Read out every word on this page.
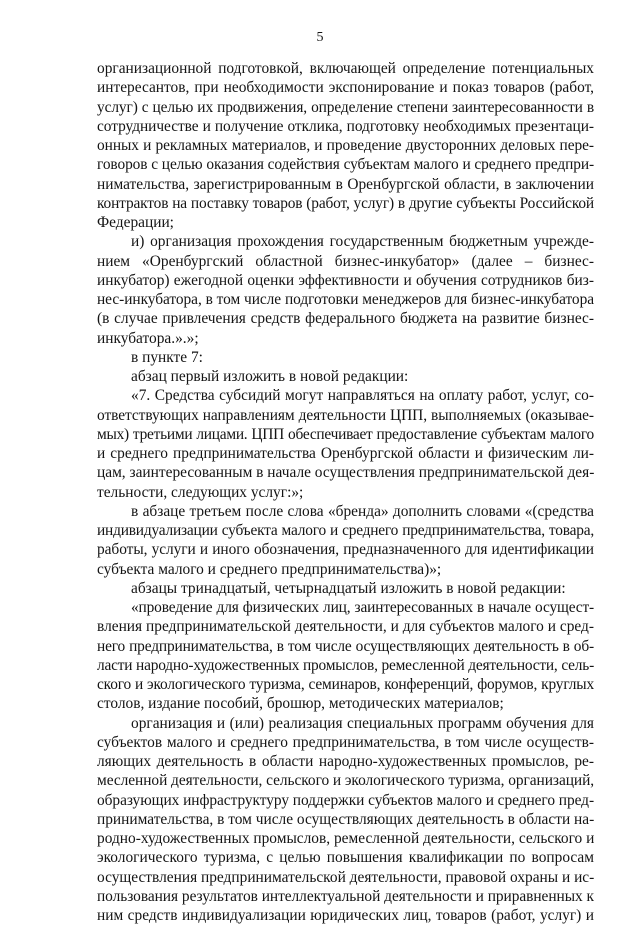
5
организационной подготовкой, включающей определение потенциальных
интересантов, при необходимости экспонирование и показ товаров (работ,
услуг) с целью их продвижения, определение степени заинтересованности в
сотрудничестве и получение отклика, подготовку необходимых презентаци-
онных и рекламных материалов, и проведение двусторонних деловых пере-
говоров с целью оказания содействия субъектам малого и среднего предпри-
нимательства, зарегистрированным в Оренбургской области, в заключении
контрактов на поставку товаров (работ, услуг) в другие субъекты Российской
Федерации;
и) организация прохождения государственным бюджетным учрежде-
нием «Оренбургский областной бизнес-инкубатор» (далее – бизнес-
инкубатор) ежегодной оценки эффективности и обучения сотрудников биз-
нес-инкубатора, в том числе подготовки менеджеров для бизнес-инкубатора
(в случае привлечения средств федерального бюджета на развитие бизнес-
инкубатора.».»;
в пункте 7:
абзац первый изложить в новой редакции:
«7. Средства субсидий могут направляться на оплату работ, услуг, со-
ответствующих направлениям деятельности ЦПП, выполняемых (оказывае-
мых) третьими лицами. ЦПП обеспечивает предоставление субъектам малого
и среднего предпринимательства Оренбургской области и физическим ли-
цам, заинтересованным в начале осуществления предпринимательской дея-
тельности, следующих услуг:»;
в абзаце третьем после слова «бренда» дополнить словами «(средства
индивидуализации субъекта малого и среднего предпринимательства, товара,
работы, услуги и иного обозначения, предназначенного для идентификации
субъекта малого и среднего предпринимательства)»;
абзацы тринадцатый, четырнадцатый изложить в новой редакции:
«проведение для физических лиц, заинтересованных в начале осущест-
вления предпринимательской деятельности, и для субъектов малого и сред-
него предпринимательства, в том числе осуществляющих деятельность в об-
ласти народно-художественных промыслов, ремесленной деятельности, сель-
ского и экологического туризма, семинаров, конференций, форумов, круглых
столов, издание пособий, брошюр, методических материалов;
организация и (или) реализация специальных программ обучения для
субъектов малого и среднего предпринимательства, в том числе осуществ-
ляющих деятельность в области народно-художественных промыслов, ре-
месленной деятельности, сельского и экологического туризма, организаций,
образующих инфраструктуру поддержки субъектов малого и среднего пред-
принимательства, в том числе осуществляющих деятельность в области на-
родно-художественных промыслов, ремесленной деятельности, сельского и
экологического туризма, с целью повышения квалификации по вопросам
осуществления предпринимательской деятельности, правовой охраны и ис-
пользования результатов интеллектуальной деятельности и приравненных к
ним средств индивидуализации юридических лиц, товаров (работ, услуг) и
